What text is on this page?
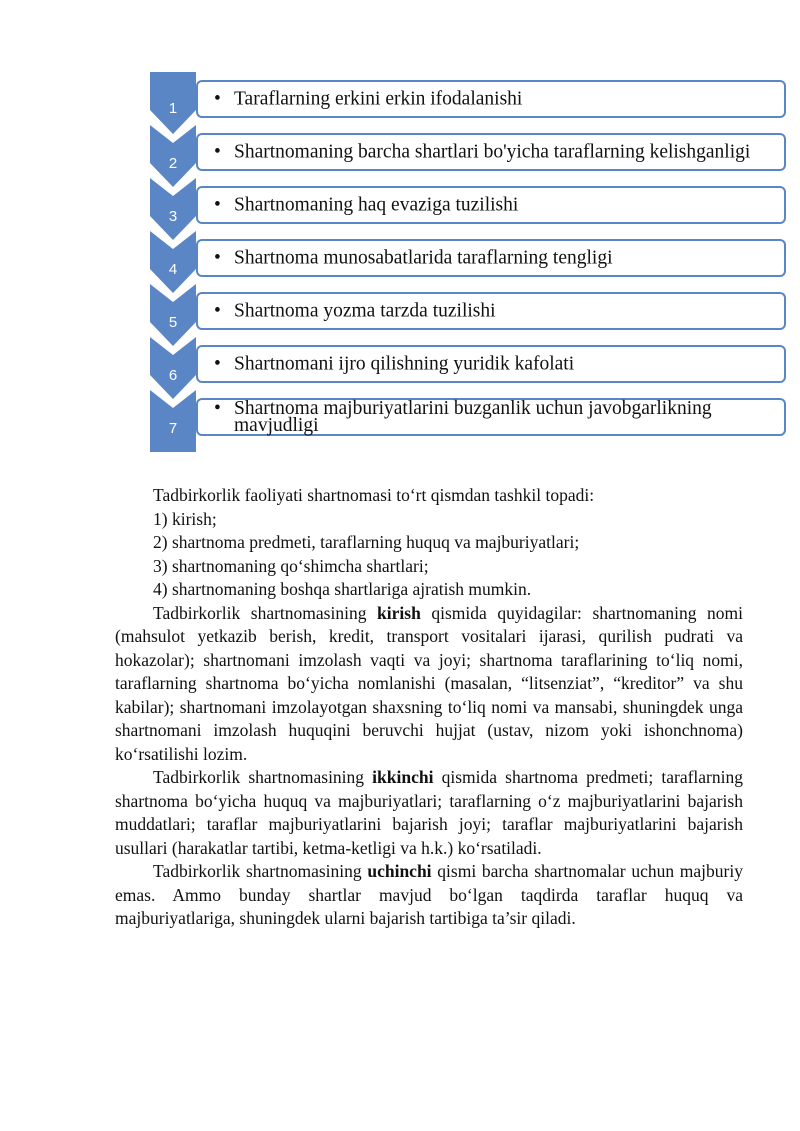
1	• Taraflarning erkini erkin ifodalanishi
2
• Shartnomaning barcha shartlari bo'yicha taraflarning kelishganligi
3
• Shartnomaning haq evaziga tuzilishi
4
• Shartnoma munosabatlarida taraflarning tengligi
5
• Shartnoma yozma tarzda tuzilishi
6
• Shartnomani ijro qilishning yuridik kafolati
7
• Shartnoma majburiyatlarini buzganlik uchun javobgarlikning mavjudligi

Tadbirkorlik faoliyati shartnomasi to‘rt qismdan tashkil topadi:

1) kirish;

2) shartnoma predmeti, taraflarning huquq va majburiyatlari;

3) shartnomaning qo‘shimcha shartlari;

4) shartnomaning boshqa shartlariga ajratish mumkin.

Tadbirkorlik shartnomasining kirish qismida quyidagilar: shartnomaning nomi (mahsulot yetkazib berish, kredit, transport vositalari ijarasi, qurilish pudrati va hokazolar); shartnomani imzolash vaqti va joyi; shartnoma taraflarining to‘liq nomi, taraflarning shartnoma bo‘yicha nomlanishi (masalan, “litsenziat”, “kreditor” va shu kabilar); shartnomani imzolayotgan shaxsning to‘liq nomi va mansabi, shuningdek unga shartnomani imzolash huquqini beruvchi hujjat (ustav, nizom yoki ishonchnoma) ko‘rsatilishi lozim.

Tadbirkorlik shartnomasining ikkinchi qismida shartnoma predmeti; taraflarning shartnoma bo‘yicha huquq va majburiyatlari; taraflarning o‘z majburiyatlarini bajarish muddatlari; taraflar majburiyatlarini bajarish joyi; taraflar majburiyatlarini bajarish usullari (harakatlar tartibi, ketma-ketligi va h.k.) ko‘rsatiladi.

Tadbirkorlik shartnomasining uchinchi qismi barcha shartnomalar uchun majburiy emas. Ammo bunday shartlar mavjud bo‘lgan taqdirda taraflar huquq va majburiyatlariga, shuningdek ularni bajarish tartibiga ta’sir qiladi.
